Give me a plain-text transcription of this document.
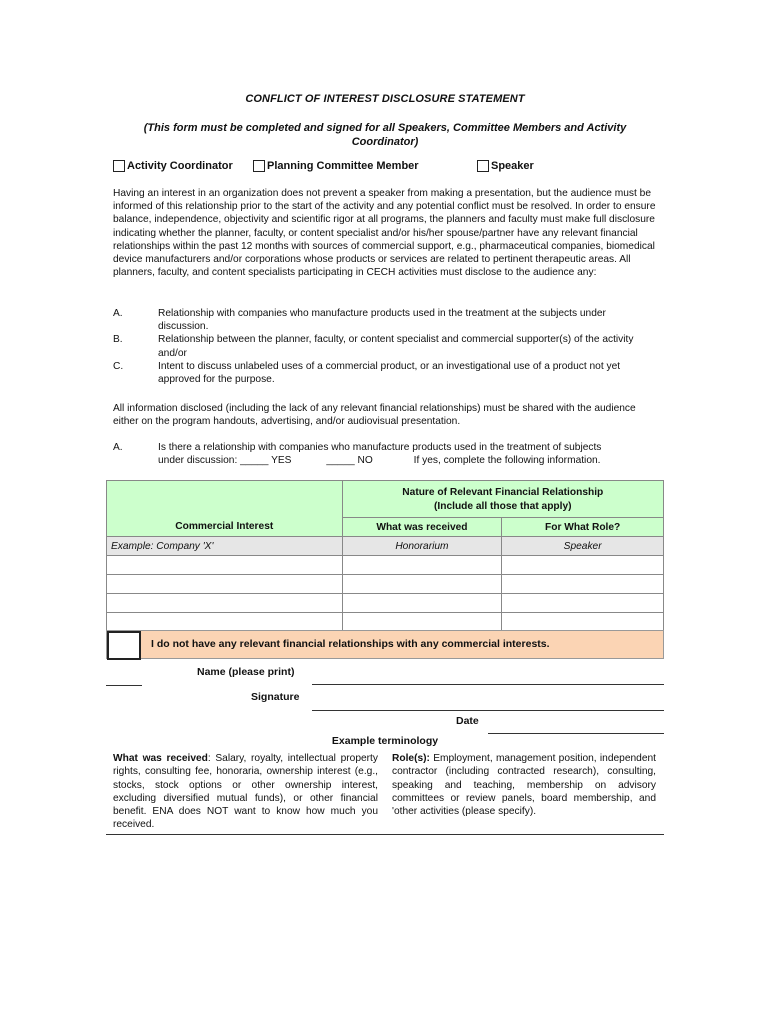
CONFLICT OF INTEREST DISCLOSURE STATEMENT
(This form must be completed and signed for all Speakers, Committee Members and Activity Coordinator)
Activity Coordinator	Planning Committee Member	Speaker
Having an interest in an organization does not prevent a speaker from making a presentation, but the audience must be informed of this relationship prior to the start of the activity and any potential conflict must be resolved. In order to ensure balance, independence, objectivity and scientific rigor at all programs, the planners and faculty must make full disclosure indicating whether the planner, faculty, or content specialist and/or his/her spouse/partner have any relevant financial relationships within the past 12 months with sources of commercial support, e.g., pharmaceutical companies, biomedical device manufacturers and/or corporations whose products or services are related to pertinent therapeutic areas. All planners, faculty, and content specialists participating in CECH activities must disclose to the audience any:
A.	Relationship with companies who manufacture products used in the treatment at the subjects under discussion.
B.	Relationship between the planner, faculty, or content specialist and commercial supporter(s) of the activity and/or
C.	Intent to discuss unlabeled uses of a commercial product, or an investigational use of a product not yet approved for the purpose.
All information disclosed (including the lack of any relevant financial relationships) must be shared with the audience either on the program handouts, advertising, and/or audiovisual presentation.
A.	Is there a relationship with companies who manufacture products used in the treatment of subjects
under discussion: _____ YES	_____ NO	If yes, complete the following information.
Commercial Interest	Nature of Relevant Financial Relationship
(Include all those that apply)	

	What was received	For What Role?
Example: Company 'X'	Honorarium	Speaker

I do not have any relevant financial relationships with any commercial interests.
Name (please print)
Signature
Date
Example terminology
What was received: Salary, royalty, intellectual property rights, consulting fee, honoraria, ownership interest (e.g., stocks, stock options or other ownership interest, excluding diversified mutual funds), or other financial benefit. ENA does NOT want to know how much you received.
Role(s): Employment, management position, independent contractor (including contracted research), consulting, speaking and teaching, membership on advisory committees or review panels, board membership, and 'other activities (please specify).
